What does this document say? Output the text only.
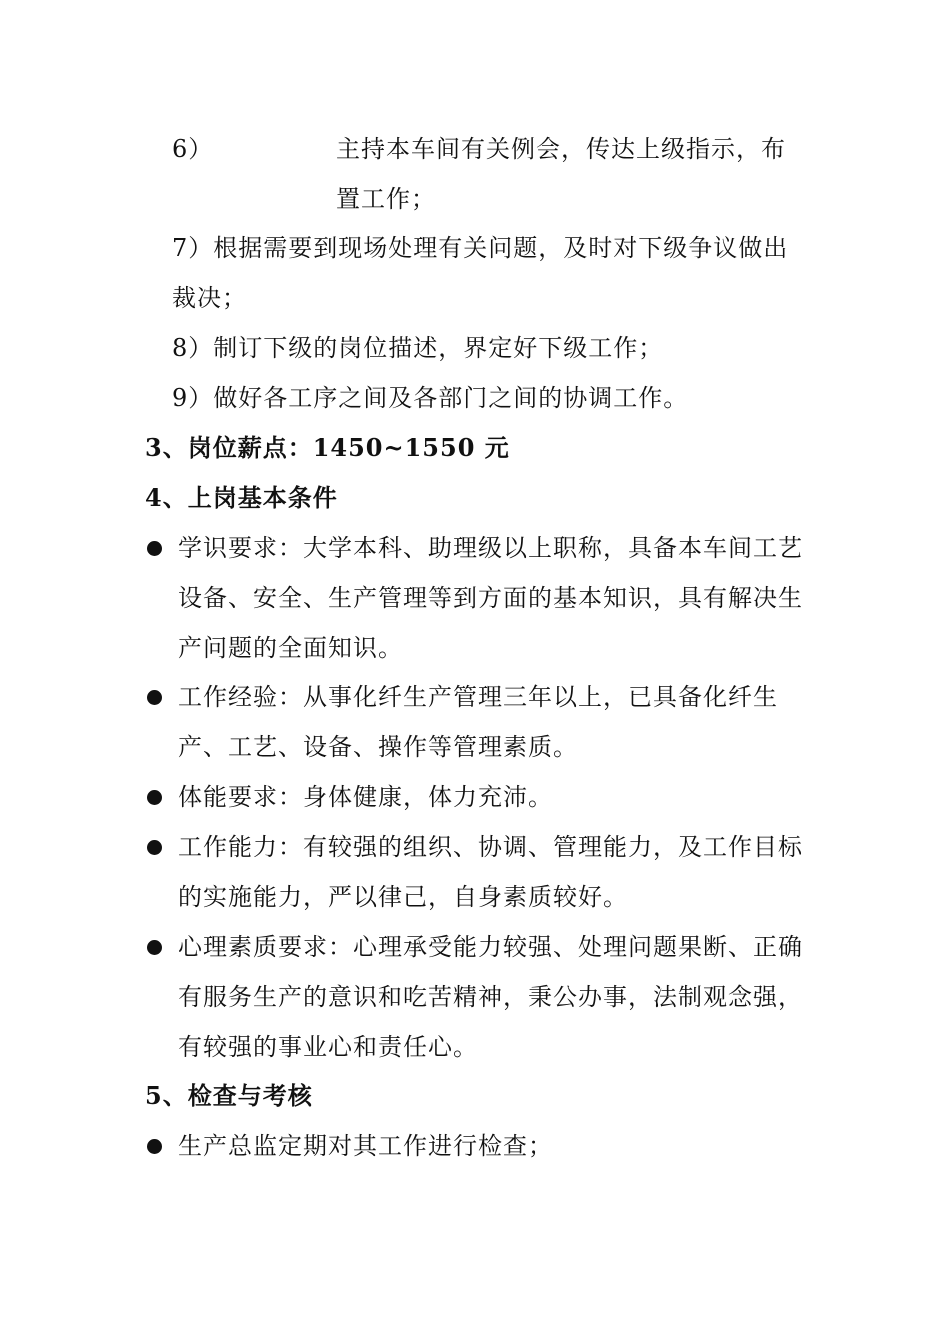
6）	主持本车间有关例会，传达上级指示，布
置工作；
7）根据需要到现场处理有关问题，及时对下级争议做出
裁决；
8）制订下级的岗位描述，界定好下级工作；
9）做好各工序之间及各部门之间的协调工作。
3、岗位薪点：1450~1550 元
4、上岗基本条件
学识要求：大学本科、助理级以上职称，具备本车间工艺
设备、安全、生产管理等到方面的基本知识，具有解决生
产问题的全面知识。
工作经验：从事化纤生产管理三年以上，已具备化纤生
产、工艺、设备、操作等管理素质。
体能要求：身体健康，体力充沛。
工作能力：有较强的组织、协调、管理能力，及工作目标
的实施能力，严以律己，自身素质较好。
心理素质要求：心理承受能力较强、处理问题果断、正确
有服务生产的意识和吃苦精神，秉公办事，法制观念强，
有较强的事业心和责任心。
5、检查与考核
生产总监定期对其工作进行检查；
